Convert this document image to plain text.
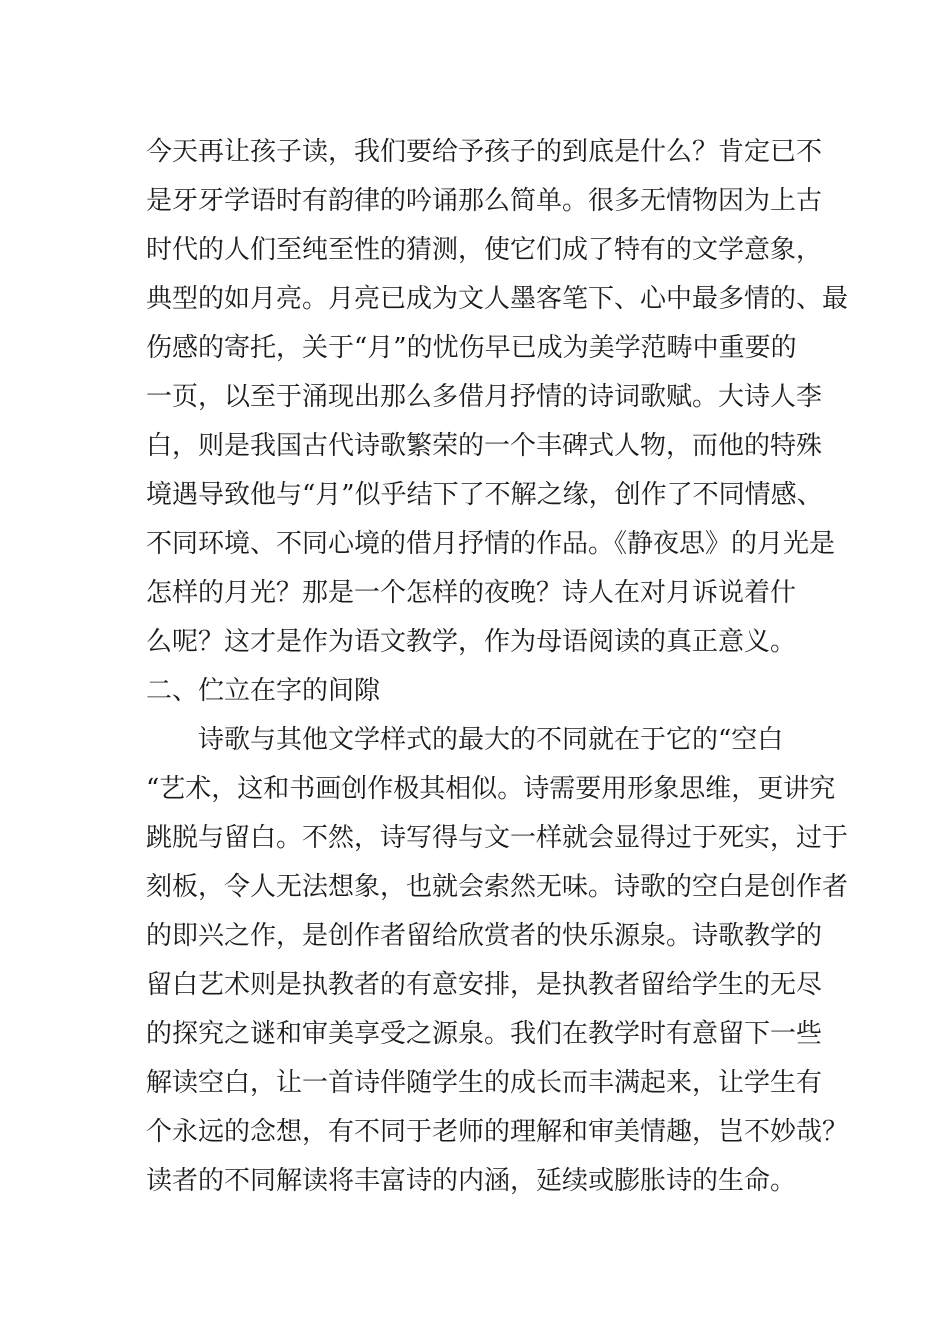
今天再让孩子读，我们要给予孩子的到底是什么？肯定已不
是牙牙学语时有韵律的吟诵那么简单。很多无情物因为上古
时代的人们至纯至性的猜测，使它们成了特有的文学意象，
典型的如月亮。月亮已成为文人墨客笔下、心中最多情的、最
伤感的寄托，关于“月”的忧伤早已成为美学范畴中重要的
一页，以至于涌现出那么多借月抒情的诗词歌赋。大诗人李
白，则是我国古代诗歌繁荣的一个丰碑式人物，而他的特殊
境遇导致他与“月”似乎结下了不解之缘，创作了不同情感、
不同环境、不同心境的借月抒情的作品。《静夜思》的月光是
怎样的月光？那是一个怎样的夜晚？诗人在对月诉说着什
么呢？这才是作为语文教学，作为母语阅读的真正意义。
二、伫立在字的间隙
诗歌与其他文学样式的最大的不同就在于它的“空白
“艺术，这和书画创作极其相似。诗需要用形象思维，更讲究
跳脱与留白。不然，诗写得与文一样就会显得过于死实，过于
刻板，令人无法想象，也就会索然无味。诗歌的空白是创作者
的即兴之作，是创作者留给欣赏者的快乐源泉。诗歌教学的
留白艺术则是执教者的有意安排，是执教者留给学生的无尽
的探究之谜和审美享受之源泉。我们在教学时有意留下一些
解读空白，让一首诗伴随学生的成长而丰满起来，让学生有
个永远的念想，有不同于老师的理解和审美情趣，岂不妙哉？
读者的不同解读将丰富诗的内涵，延续或膨胀诗的生命。
